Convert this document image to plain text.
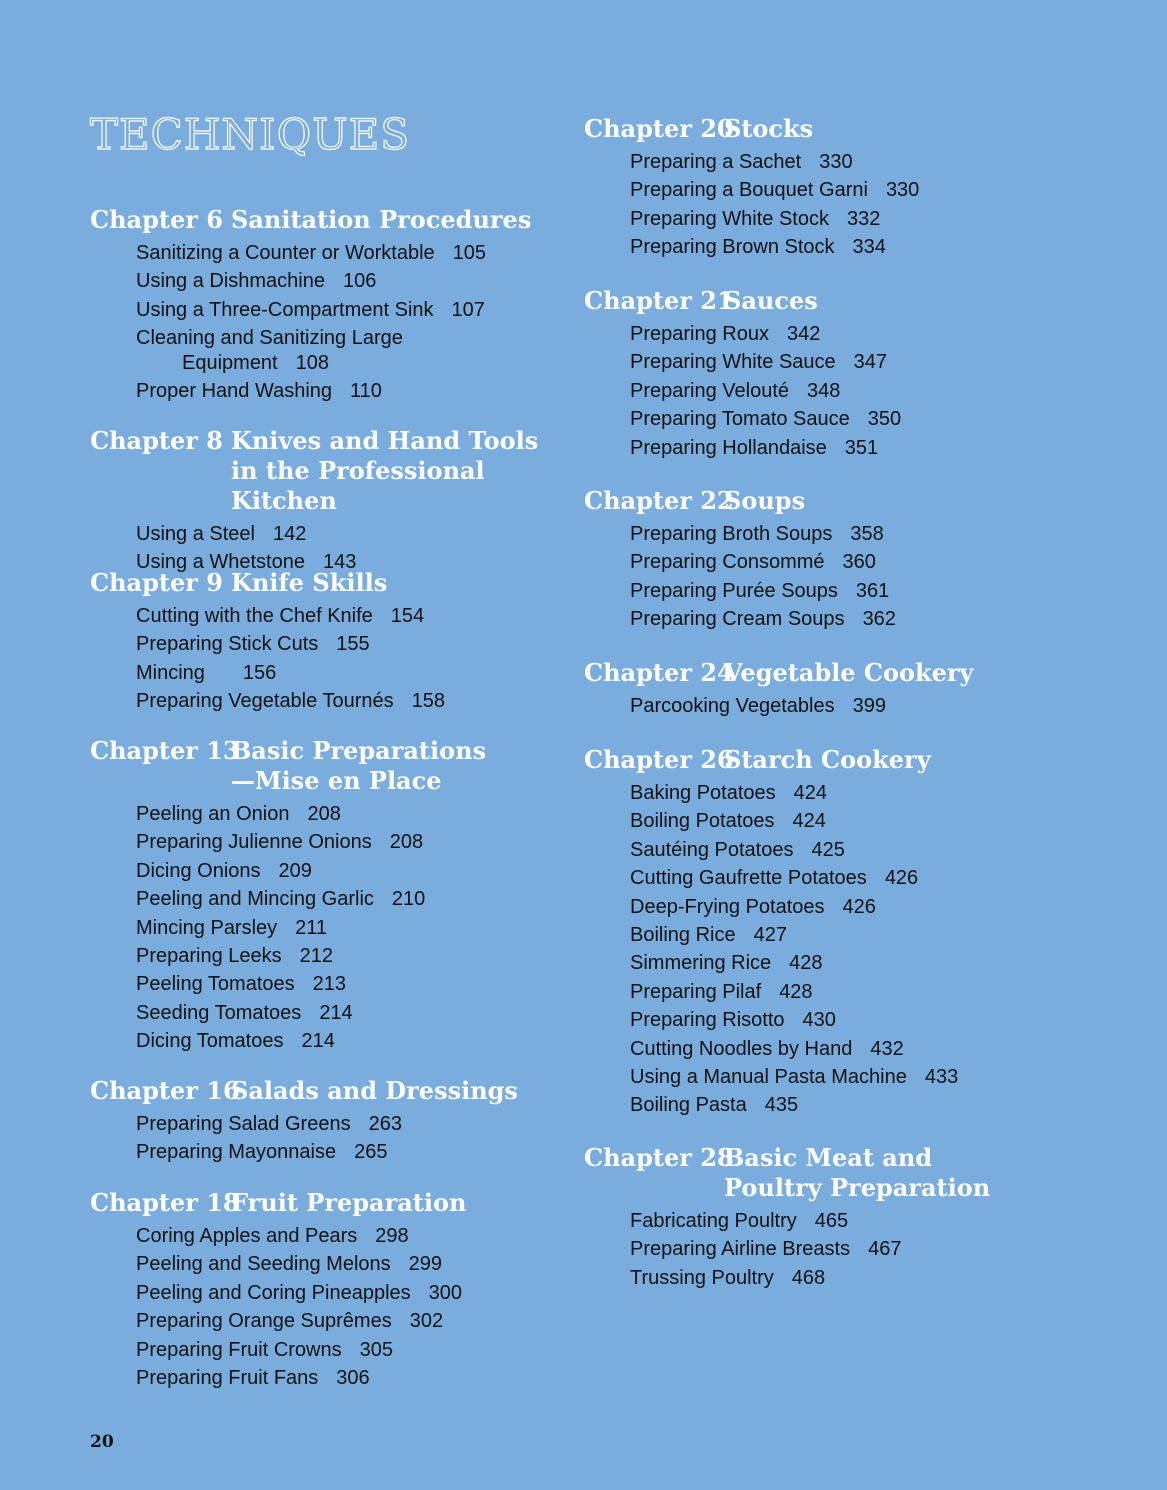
TECHNIQUES
Chapter 6 Sanitation Procedures
Sanitizing a Counter or Worktable 105
Using a Dishmachine 106
Using a Three-Compartment Sink 107
Cleaning and Sanitizing Large Equipment 108
Proper Hand Washing 110
Chapter 8 Knives and Hand Tools in the Professional Kitchen
Using a Steel 142
Using a Whetstone 143
Chapter 9 Knife Skills
Cutting with the Chef Knife 154
Preparing Stick Cuts 155
Mincing 156
Preparing Vegetable Tournés 158
Chapter 13
Basic Preparations—Mise en Place
Peeling an Onion 208
Preparing Julienne Onions 208
Dicing Onions 209
Peeling and Mincing Garlic 210
Mincing Parsley 211
Preparing Leeks 212
Peeling Tomatoes 213
Seeding Tomatoes 214
Dicing Tomatoes 214
Chapter 16
Salads and Dressings
Preparing Salad Greens 263
Preparing Mayonnaise 265
Chapter 18
Fruit Preparation
Coring Apples and Pears 298
Peeling and Seeding Melons 299
Peeling and Coring Pineapples 300
Preparing Orange Suprêmes 302
Preparing Fruit Crowns 305
Preparing Fruit Fans 306
Chapter 20
Stocks
Preparing a Sachet 330
Preparing a Bouquet Garni 330
Preparing White Stock 332
Preparing Brown Stock 334
Chapter 21
Sauces
Preparing Roux 342
Preparing White Sauce 347
Preparing Velouté 348
Preparing Tomato Sauce 350
Preparing Hollandaise 351
Chapter 22
Soups
Preparing Broth Soups 358
Preparing Consommé 360
Preparing Purée Soups 361
Preparing Cream Soups 362
Chapter 24
Vegetable Cookery
Parcooking Vegetables 399
Chapter 26
Starch Cookery
Baking Potatoes 424
Boiling Potatoes 424
Sautéing Potatoes 425
Cutting Gaufrette Potatoes 426
Deep-Frying Potatoes 426
Boiling Rice 427
Simmering Rice 428
Preparing Pilaf 428
Preparing Risotto 430
Cutting Noodles by Hand 432
Using a Manual Pasta Machine 433
Boiling Pasta 435
Chapter 28
Basic Meat and Poultry Preparation
Fabricating Poultry 465
Preparing Airline Breasts 467
Trussing Poultry 468
20
